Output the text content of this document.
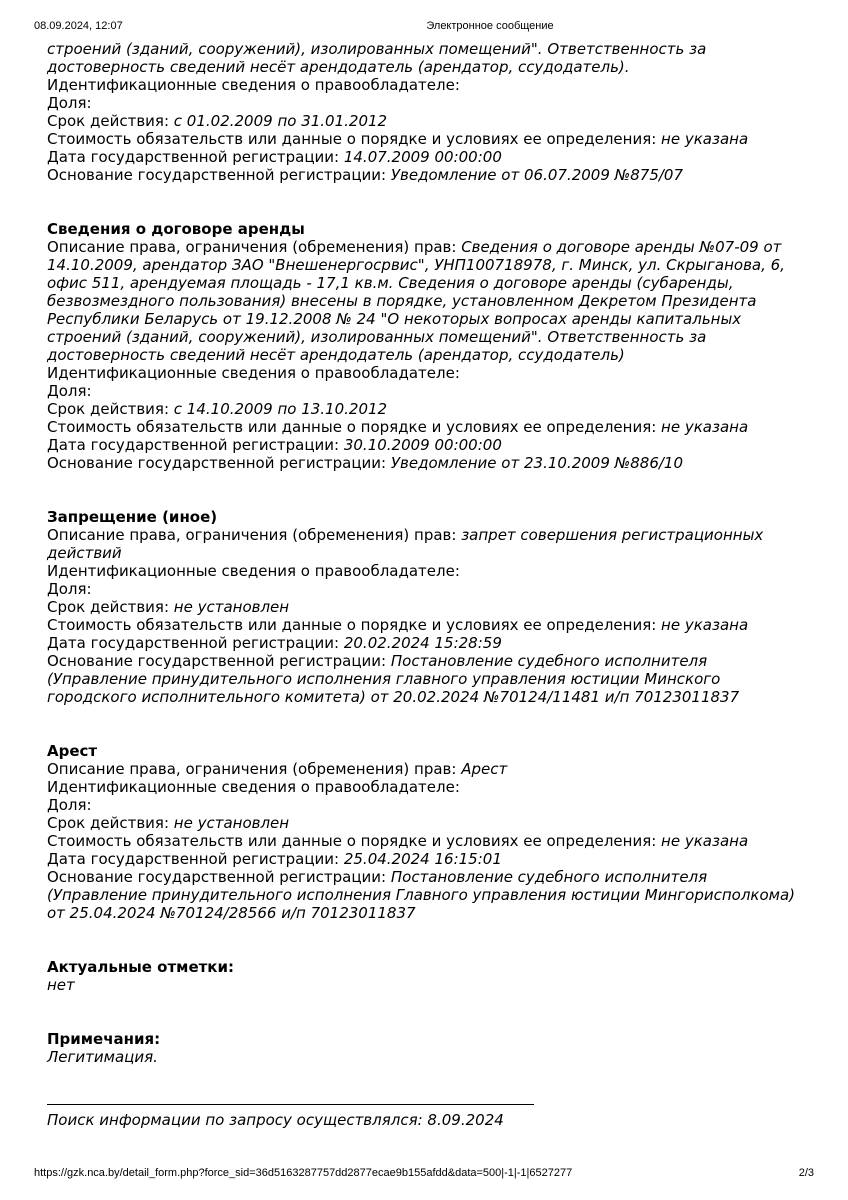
08.09.2024, 12:07	Электронное сообщение
строений (зданий, сооружений), изолированных помещений". Ответственность за
достоверность сведений несёт арендодатель (арендатор, ссудодатель).
Идентификационные сведения о правообладателе:
Доля:
Срок действия: с 01.02.2009 по 31.01.2012
Стоимость обязательств или данные о порядке и условиях ее определения: не указана
Дата государственной регистрации: 14.07.2009 00:00:00
Основание государственной регистрации: Уведомление от 06.07.2009 №875/07
Сведения о договоре аренды
Описание права, ограничения (обременения) прав: Сведения о договоре аренды №07-09 от
14.10.2009, арендатор ЗАО "Внешенергосрвис", УНП100718978, г. Минск, ул. Скрыганова, 6,
офис 511, арендуемая площадь - 17,1 кв.м. Сведения о договоре аренды (субаренды,
безвозмездного пользования) внесены в порядке, установленном Декретом Президента
Республики Беларусь от 19.12.2008 № 24 "О некоторых вопросах аренды капитальных
строений (зданий, сооружений), изолированных помещений". Ответственность за
достоверность сведений несёт арендодатель (арендатор, ссудодатель)
Идентификационные сведения о правообладателе:
Доля:
Срок действия: с 14.10.2009 по 13.10.2012
Стоимость обязательств или данные о порядке и условиях ее определения: не указана
Дата государственной регистрации: 30.10.2009 00:00:00
Основание государственной регистрации: Уведомление от 23.10.2009 №886/10
Запрещение (иное)
Описание права, ограничения (обременения) прав: запрет совершения регистрационных
действий
Идентификационные сведения о правообладателе:
Доля:
Срок действия: не установлен
Стоимость обязательств или данные о порядке и условиях ее определения: не указана
Дата государственной регистрации: 20.02.2024 15:28:59
Основание государственной регистрации: Постановление судебного исполнителя
(Управление принудительного исполнения главного управления юстиции Минского
городского исполнительного комитета) от 20.02.2024 №70124/11481 и/п 70123011837
Арест
Описание права, ограничения (обременения) прав: Арест
Идентификационные сведения о правообладателе:
Доля:
Срок действия: не установлен
Стоимость обязательств или данные о порядке и условиях ее определения: не указана
Дата государственной регистрации: 25.04.2024 16:15:01
Основание государственной регистрации: Постановление судебного исполнителя
(Управление принудительного исполнения Главного управления юстиции Мингорисполкома)
от 25.04.2024 №70124/28566 и/п 70123011837
Актуальные отметки:
нет
Примечания:
Легитимация.
Поиск информации по запросу осуществлялся: 8.09.2024
https://gzk.nca.by/detail_form.php?force_sid=36d5163287757dd2877ecae9b155afdd&data=500|-1|-1|6527277	2/3
